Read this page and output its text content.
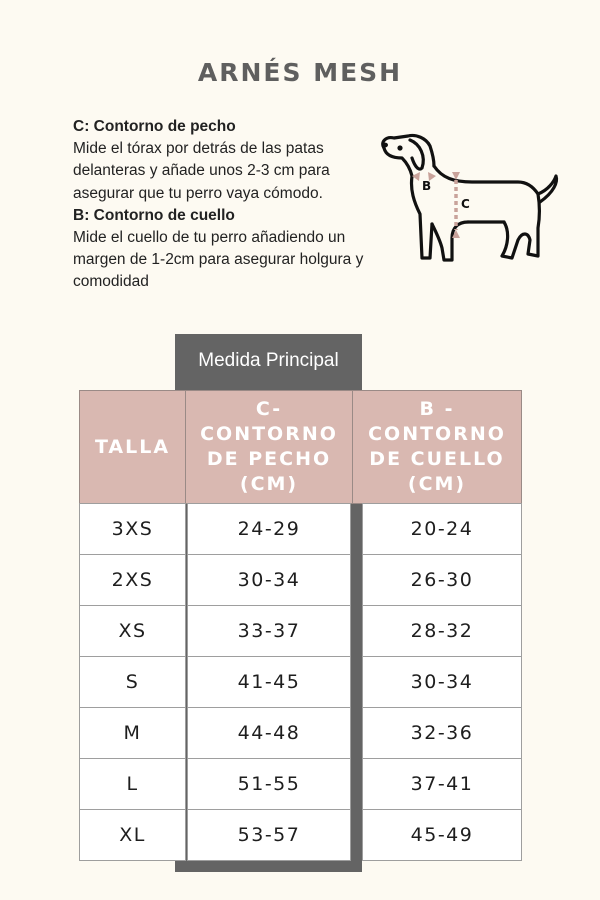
ARNÉS MESH
C: Contorno de pecho
Mide el tórax por detrás de las patas delanteras y añade unos 2-3 cm para asegurar que tu perro vaya cómodo.
B: Contorno de cuello
Mide el cuello de tu perro añadiendo un margen de 1-2cm para asegurar holgura y comodidad
B
C
Medida Principal
TALLA
C- CONTORNO DE PECHO (CM)
B - CONTORNO DE CUELLO (CM)
3XS	24-29	20-24
2XS	30-34	26-30
XS	33-37	28-32
S	41-45	30-34
M	44-48	32-36
L	51-55	37-41
XL	53-57	45-49
